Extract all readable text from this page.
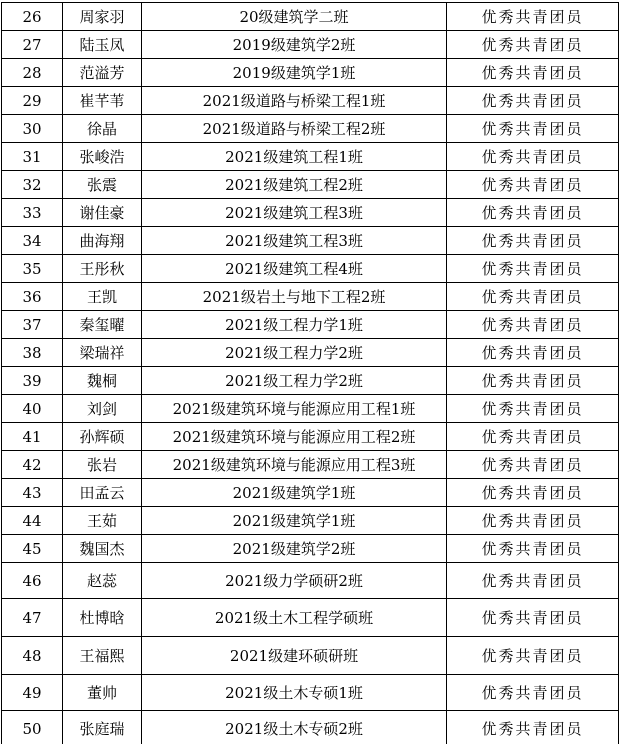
26	周家羽	20级建筑学二班	优秀共青团员
27	陆玉凤	2019级建筑学2班	优秀共青团员
28	范溢芳	2019级建筑学1班	优秀共青团员
29	崔芊苇	2021级道路与桥梁工程1班	优秀共青团员
30	徐晶	2021级道路与桥梁工程2班	优秀共青团员
31	张峻浩	2021级建筑工程1班	优秀共青团员
32	张震	2021级建筑工程2班	优秀共青团员
33	谢佳豪	2021级建筑工程3班	优秀共青团员
34	曲海翔	2021级建筑工程3班	优秀共青团员
35	王彤秋	2021级建筑工程4班	优秀共青团员
36	王凯	2021级岩土与地下工程2班	优秀共青团员
37	秦玺曜	2021级工程力学1班	优秀共青团员
38	梁瑞祥	2021级工程力学2班	优秀共青团员
39	魏桐	2021级工程力学2班	优秀共青团员
40	刘剑	2021级建筑环境与能源应用工程1班	优秀共青团员
41	孙辉硕	2021级建筑环境与能源应用工程2班	优秀共青团员
42	张岩	2021级建筑环境与能源应用工程3班	优秀共青团员
43	田孟云	2021级建筑学1班	优秀共青团员
44	王茹	2021级建筑学1班	优秀共青团员
45	魏国杰	2021级建筑学2班	优秀共青团员
46	赵蕊	2021级力学硕研2班	优秀共青团员
47	杜博晗	2021级土木工程学硕班	优秀共青团员
48	王福熙	2021级建环硕研班	优秀共青团员
49	董帅	2021级土木专硕1班	优秀共青团员
50	张庭瑞	2021级土木专硕2班	优秀共青团员
